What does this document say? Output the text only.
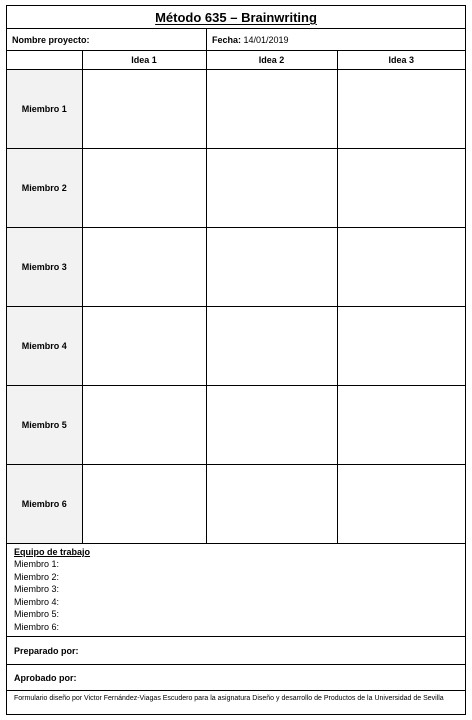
Método 635 – Brainwriting
Nombre proyecto:	Fecha: 14/01/2019
	Idea 1	Idea 2	Idea 3
Miembro 1			
Miembro 2			
Miembro 3			
Miembro 4			
Miembro 5			
Miembro 6			
Equipo de trabajo
Miembro 1:
Miembro 2:
Miembro 3:
Miembro 4:
Miembro 5:
Miembro 6:
Preparado por:
Aprobado por:
Formulario diseño por Victor Fernández-Viagas Escudero para la asignatura Diseño y desarrollo de Productos de la Universidad de Sevilla
